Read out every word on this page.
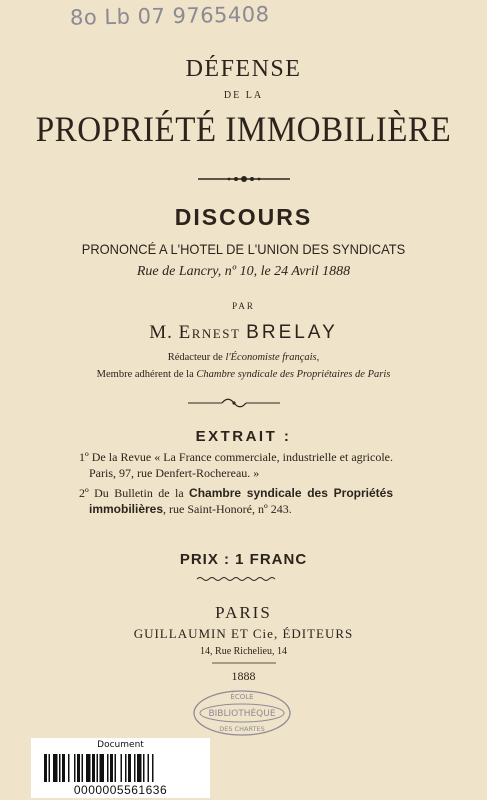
8o Lb 07 9765408
DÉFENSE
DE LA
PROPRIÉTÉ IMMOBILIÈRE
DISCOURS
PRONONCÉ A L'HOTEL DE L'UNION DES SYNDICATS
Rue de Lancry, nº 10, le 24 Avril 1888
PAR
M. Ernest BRELAY
Rédacteur de l'Économiste français,
Membre adhérent de la Chambre syndicale des Propriétaires de Paris
EXTRAIT :
1º De la Revue « La France commerciale, industrielle et agricole. Paris, 97, rue Denfert-Rochereau. »
2º Du Bulletin de la Chambre syndicale des Propriétés immobilières, rue Saint-Honoré, nº 243.
PRIX : 1 FRANC
PARIS
GUILLAUMIN ET Cie, ÉDITEURS
14, Rue Richelieu, 14
1888
ÉCOLE
BIBLIOTHÈQUE
DES CHARTES
Document
0000005561636
